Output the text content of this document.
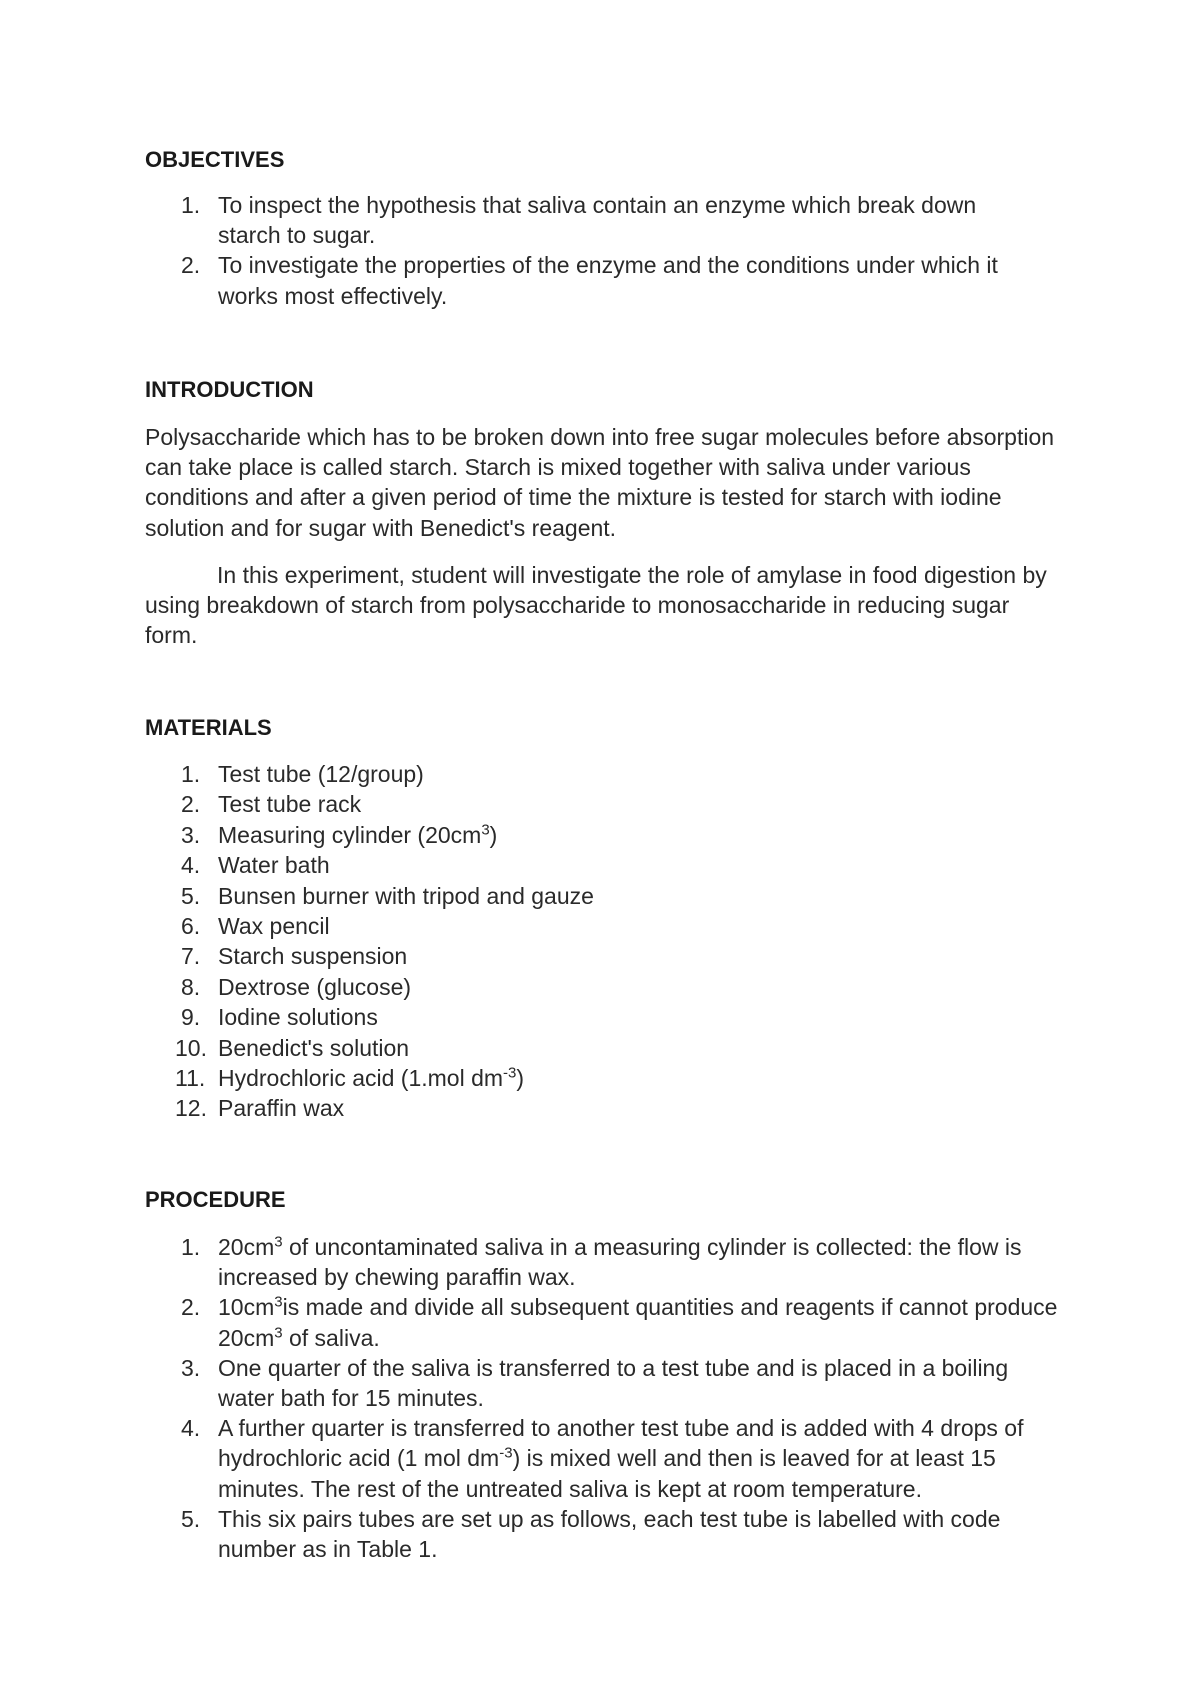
OBJECTIVES
1. To inspect the hypothesis that saliva contain an enzyme which break down starch to sugar.
2. To investigate the properties of the enzyme and the conditions under which it works most effectively.
INTRODUCTION

Polysaccharide which has to be broken down into free sugar molecules before absorption can take place is called starch. Starch is mixed together with saliva under various conditions and after a given period of time the mixture is tested for starch with iodine solution and for sugar with Benedict's reagent.

In this experiment, student will investigate the role of amylase in food digestion by using breakdown of starch from polysaccharide to monosaccharide in reducing sugar form.

MATERIALS
1. Test tube (12/group)
2. Test tube rack
3. Measuring cylinder $(20cm^3)$
4. Water bath
5. Bunsen burner with tripod and gauze
6. Wax pencil
7. Starch suspension
8. Dextrose (glucose)
9. Iodine solutions
10. Benedict's solution
11. Hydrochloric acid (1.mol $dm^{-3}$)
12. Paraffin wax
PROCEDURE
1. $20cm^3$ of uncontaminated saliva in a measuring cylinder is collected: the flow is increased by chewing paraffin wax.
2. $10cm^3is$ made and divide all subsequent quantities and reagents if cannot produce $20cm^3$ of saliva.
3. One quarter of the saliva is transferred to a test tube and is placed in a boiling water bath for 15 minutes.
4. A further quarter is transferred to another test tube and is added with 4 drops of hydrochloric acid (1 mol $dm^{-3}$) is mixed well and then is leaved for at least 15 minutes. The rest of the untreated saliva is kept at room temperature.
5. This six pairs tubes are set up as follows, each test tube is labelled with code number as in Table 1.
